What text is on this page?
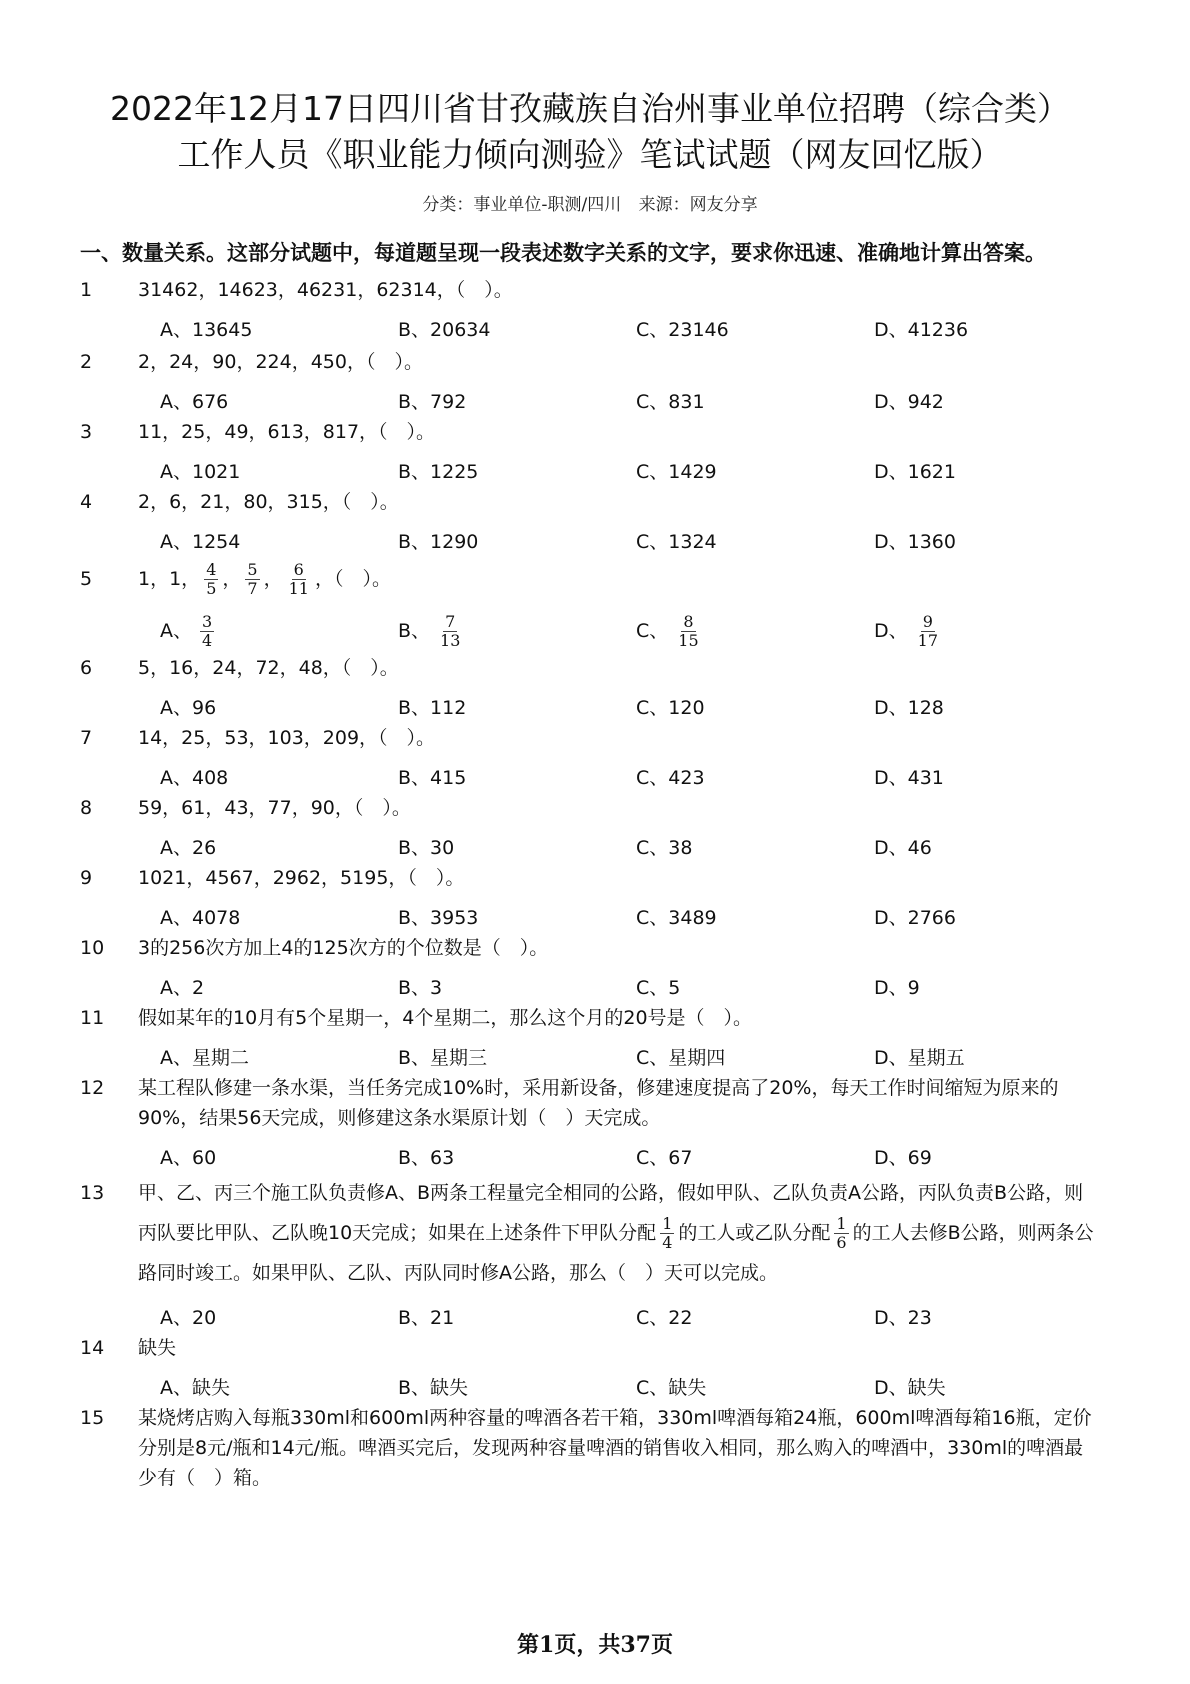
2022年12月17日四川省甘孜藏族自治州事业单位招聘（综合类）
工作人员《职业能力倾向测验》笔试试题（网友回忆版）
分类：事业单位-职测/四川 来源：网友分享
一、数量关系。这部分试题中，每道题呈现一段表述数字关系的文字，要求你迅速、准确地计算出答案。
1	31462，14623，46231，62314，（　）。
A、13645	B、20634	C、23146	D、41236
2	2，24，90，224，450，（　）。
A、676	B、792	C、831	D、942
3	11，25，49，613，817，（　）。
A、1021	B、1225	C、1429	D、1621
4	2，6，21，80，315，（　）。
A、1254	B、1290	C、1324	D、1360
5	1，1， $\frac{4}{5}$ ， $\frac{5}{7}$ ， $\frac{6}{11}$ ，（　）。
A、 $\frac{3}{4}$	B、 $\frac{7}{13}$	C、 $\frac{8}{15}$	D、 $\frac{9}{17}$
6	5，16，24，72，48，（　）。
A、96	B、112	C、120	D、128
7	14，25，53，103，209，（　）。
A、408	B、415	C、423	D、431
8	59，61，43，77，90，（　）。
A、26	B、30	C、38	D、46
9	1021，4567，2962，5195，（　）。
A、4078	B、3953	C、3489	D、2766
10	3的256次方加上4的125次方的个位数是（　）。
A、2	B、3	C、5	D、9
11	假如某年的10月有5个星期一，4个星期二，那么这个月的20号是（　）。
A、星期二	B、星期三	C、星期四	D、星期五
12	某工程队修建一条水渠，当任务完成10%时，采用新设备，修建速度提高了20%，每天工作时间缩短为原来的90%，结果56天完成，则修建这条水渠原计划（　）天完成。
A、60	B、63	C、67	D、69
13	甲、乙、丙三个施工队负责修A、B两条工程量完全相同的公路，假如甲队、乙队负责A公路，丙队负责B公路，则丙队要比甲队、乙队晚10天完成；如果在上述条件下甲队分配 $\frac{1}{4}$ 的工人或乙队分配 $\frac{1}{6}$ 的工人去修B公路，则两条公路同时竣工。如果甲队、乙队、丙队同时修A公路，那么（　）天可以完成。
A、20	B、21	C、22	D、23
14	缺失
A、缺失	B、缺失	C、缺失	D、缺失
15	某烧烤店购入每瓶330ml和600ml两种容量的啤酒各若干箱，330ml啤酒每箱24瓶，600ml啤酒每箱16瓶，定价分别是8元/瓶和14元/瓶。啤酒买完后，发现两种容量啤酒的销售收入相同，那么购入的啤酒中，330ml的啤酒最少有（　）箱。
第1页，共37页
